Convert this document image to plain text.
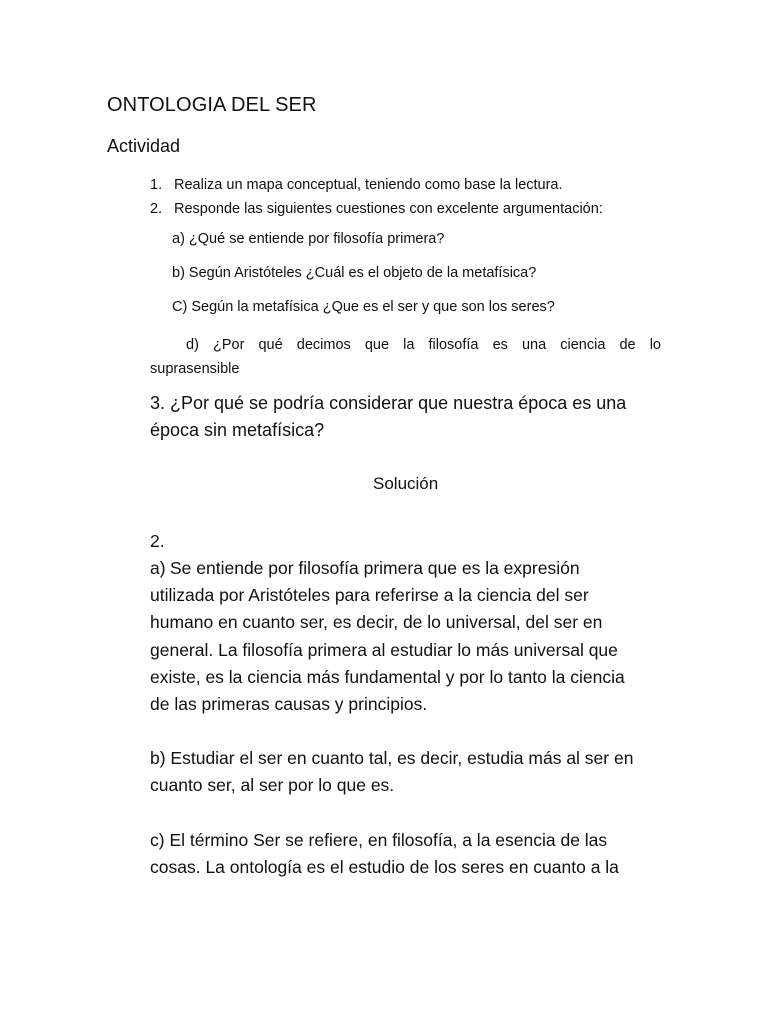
ONTOLOGIA DEL SER
Actividad
1. Realiza un mapa conceptual, teniendo como base la lectura.
2. Responde las siguientes cuestiones con excelente argumentación:
a) ¿Qué se entiende por filosofía primera?
b) Según Aristóteles ¿Cuál es el objeto de la metafísica?
C) Según la metafísica ¿Que es el ser y que son los seres?
d) ¿Por qué decimos que la filosofía es una ciencia de lo
suprasensible
3. ¿Por qué se podría considerar que nuestra época es una
época sin metafísica?
Solución
2.
a) Se entiende por filosofía primera que es la expresión
utilizada por Aristóteles para referirse a la ciencia del ser
humano en cuanto ser, es decir, de lo universal, del ser en
general. La filosofía primera al estudiar lo más universal que
existe, es la ciencia más fundamental y por lo tanto la ciencia
de las primeras causas y principios.
b) Estudiar el ser en cuanto tal, es decir, estudia más al ser en
cuanto ser, al ser por lo que es.
c) El término Ser se refiere, en filosofía, a la esencia de las
cosas. La ontología es el estudio de los seres en cuanto a la
